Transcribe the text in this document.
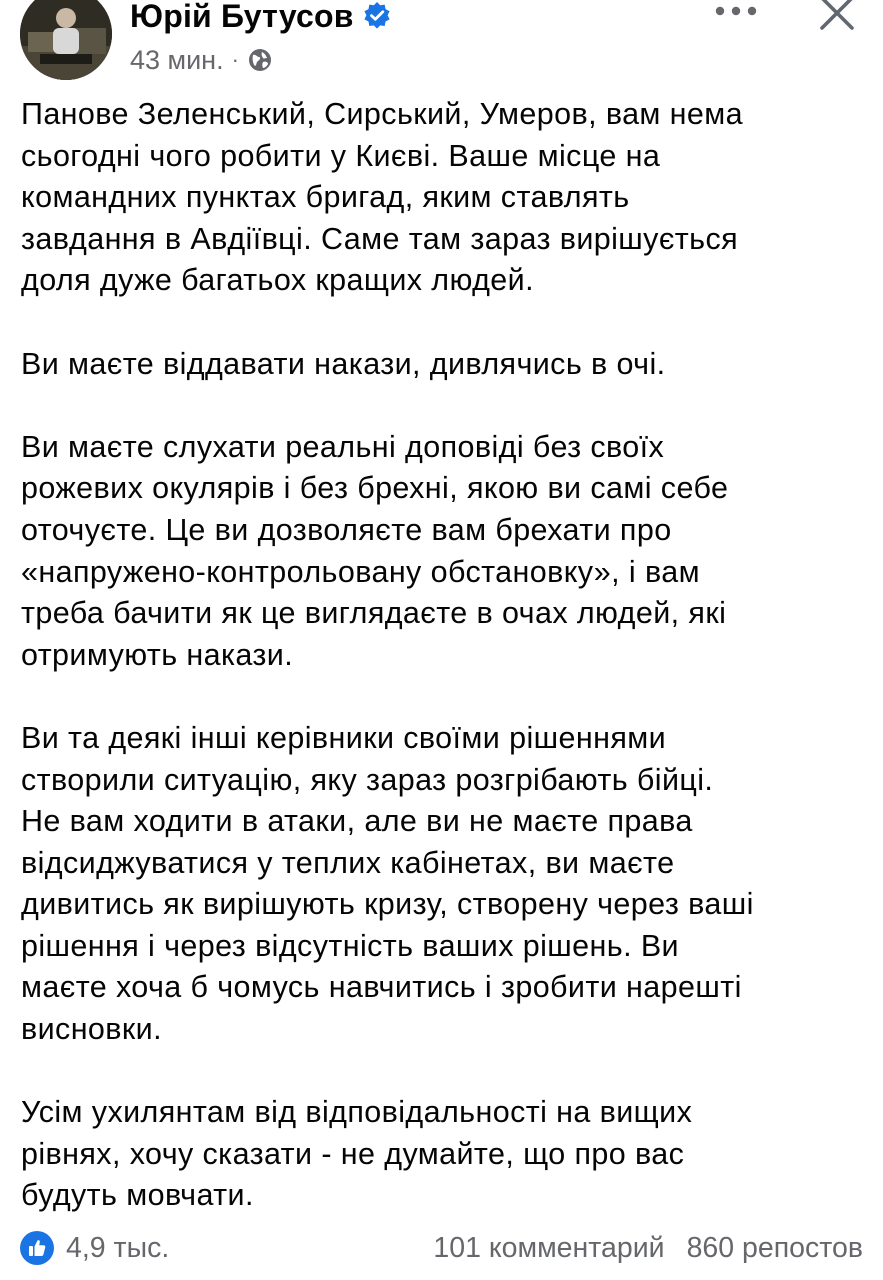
Юрій Бутусов
43 мин. ·

Панове Зеленський, Сирський, Умеров, вам нема
сьогодні чого робити у Києві. Ваше місце на
командних пунктах бригад, яким ставлять
завдання в Авдіївці. Саме там зараз вирішується
доля дуже багатьох кращих людей.

Ви маєте віддавати накази, дивлячись в очі.

Ви маєте слухати реальні доповіді без своїх
рожевих окулярів і без брехні, якою ви самі себе
оточуєте. Це ви дозволяєте вам брехати про
«напружено-контрольовану обстановку», і вам
треба бачити як це виглядаєте в очах людей, які
отримують накази.

Ви та деякі інші керівники своїми рішеннями
створили ситуацію, яку зараз розгрібають бійці.
Не вам ходити в атаки, але ви не маєте права
відсиджуватися у теплих кабінетах, ви маєте
дивитись як вирішують кризу, створену через ваші
рішення і через відсутність ваших рішень. Ви
маєте хоча б чомусь навчитись і зробити нарешті
висновки.

Усім ухилянтам від відповідальності на вищих
рівнях, хочу сказати - не думайте, що про вас
будуть мовчати.

4,9 тыс.	101 комментарий 860 репостов
